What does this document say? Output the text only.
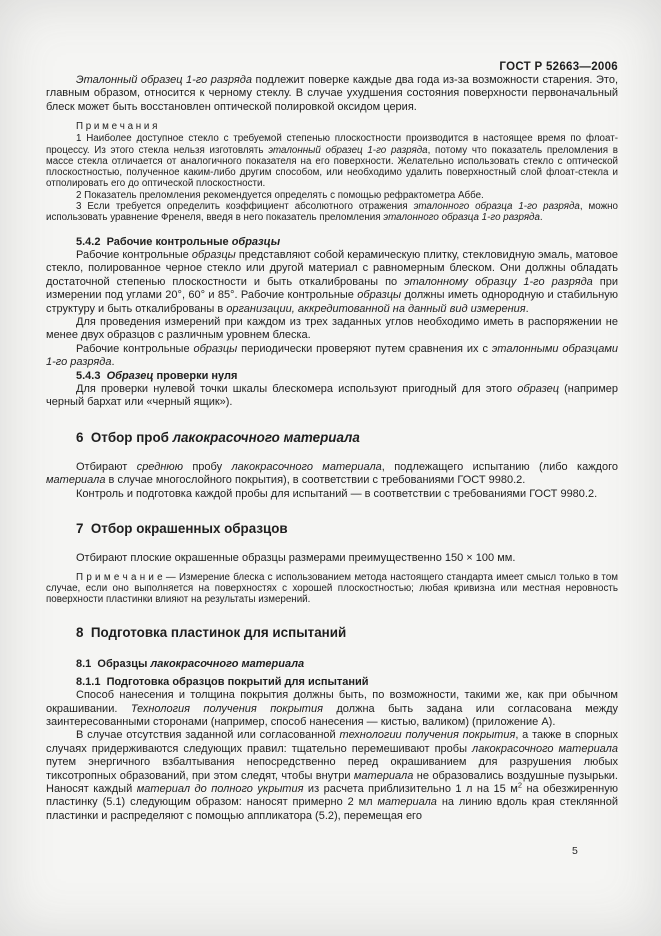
ГОСТ Р 52663—2006

Эталонный образец 1-го разряда подлежит поверке каждые два года из-за возможности старения. Это, главным образом, относится к черному стеклу. В случае ухудшения состояния поверхности первоначальный блеск может быть восстановлен оптической полировкой оксидом церия.

П р и м е ч а н и я

1 Наиболее доступное стекло с требуемой степенью плоскостности производится в настоящее время по флоат-процессу. Из этого стекла нельзя изготовлять эталонный образец 1-го разряда, потому что показатель преломления в массе стекла отличается от аналогичного показателя на его поверхности. Желательно использовать стекло с оптической плоскостностью, полученное каким-либо другим способом, или необходимо удалить поверхностный слой флоат-стекла и отполировать его до оптической плоскостности.

2 Показатель преломления рекомендуется определять с помощью рефрактометра Аббе.

3 Если требуется определить коэффициент абсолютного отражения эталонного образца 1-го разряда, можно использовать уравнение Френеля, введя в него показатель преломления эталонного образца 1-го разряда.

5.4.2  Рабочие контрольные образцы

Рабочие контрольные образцы представляют собой керамическую плитку, стекловидную эмаль, матовое стекло, полированное черное стекло или другой материал с равномерным блеском. Они должны обладать достаточной степенью плоскостности и быть откалиброваны по эталонному образцу 1-го разряда при измерении под углами 20°, 60° и 85°. Рабочие контрольные образцы должны иметь однородную и стабильную структуру и быть откалиброваны в организации, аккредитованной на данный вид измерения.

Для проведения измерений при каждом из трех заданных углов необходимо иметь в распоряжении не менее двух образцов с различным уровнем блеска.

Рабочие контрольные образцы периодически проверяют путем сравнения их с эталонными образцами 1-го разряда.

5.4.3  Образец проверки нуля

Для проверки нулевой точки шкалы блескомера используют пригодный для этого образец (например черный бархат или «черный ящик»).

6  Отбор проб лакокрасочного материала

Отбирают среднюю пробу лакокрасочного материала, подлежащего испытанию (либо каждого материала в случае многослойного покрытия), в соответствии с требованиями ГОСТ 9980.2.

Контроль и подготовка каждой пробы для испытаний — в соответствии с требованиями ГОСТ 9980.2.

7  Отбор окрашенных образцов

Отбирают плоские окрашенные образцы размерами преимущественно 150 × 100 мм.

П р и м е ч а н и е — Измерение блеска с использованием метода настоящего стандарта имеет смысл только в том случае, если оно выполняется на поверхностях с хорошей плоскостностью; любая кривизна или местная неровность поверхности пластинки влияют на результаты измерений.

8  Подготовка пластинок для испытаний

8.1  Образцы лакокрасочного материала

8.1.1  Подготовка образцов покрытий для испытаний

Способ нанесения и толщина покрытия должны быть, по возможности, такими же, как при обычном окрашивании. Технология получения покрытия должна быть задана или согласована между заинтересованными сторонами (например, способ нанесения — кистью, валиком) (приложение А).

В случае отсутствия заданной или согласованной технологии получения покрытия, а также в спорных случаях придерживаются следующих правил: тщательно перемешивают пробы лакокрасочного материала путем энергичного взбалтывания непосредственно перед окрашиванием для разрушения любых тиксотропных образований, при этом следят, чтобы внутри материала не образовались воздушные пузырьки. Наносят каждый материал до полного укрытия из расчета приблизительно 1 л на 15 $м^2$ на обезжиренную пластинку (5.1) следующим образом: наносят примерно 2 мл материала на линию вдоль края стеклянной пластинки и распределяют с помощью аппликатора (5.2), перемещая его

5
